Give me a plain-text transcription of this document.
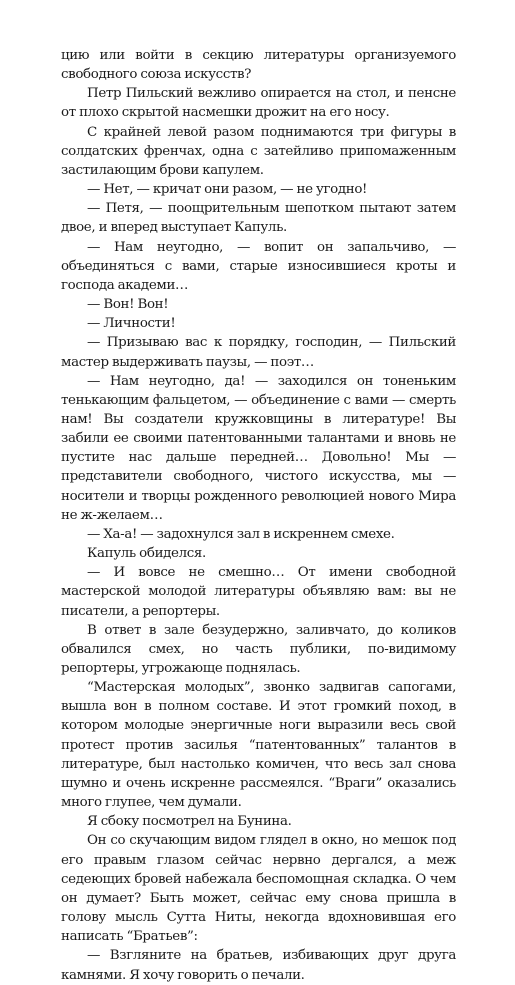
цию или войти в секцию литературы организуемого свободного союза искусств?

Петр Пильский вежливо опирается на стол, и пенсне от плохо скрытой насмешки дрожит на его носу.

С крайней левой разом поднимаются три фигуры в солдатских френчах, одна с затейливо припомаженным застилающим брови капулем.

— Нет, — кричат они разом, — не угодно!

— Петя, — поощрительным шепотком пытают затем двое, и вперед выступает Капуль.

— Нам неугодно, — вопит он запальчиво, — объединяться с вами, старые износившиеся кроты и господа академи…

— Вон! Вон!

— Личности!

— Призываю вас к порядку, господин, — Пильский мастер выдерживать паузы, — поэт…

— Нам неугодно, да! — заходился он тоненьким тенькающим фальцетом, — объединение с вами — смерть нам! Вы создатели кружковщины в литературе! Вы забили ее своими патентованными талантами и вновь не пустите нас дальше передней… Довольно! Мы — представители свободного, чистого искусства, мы — носители и творцы рожденного революцией нового Мира не ж-желаем…

— Ха-а! — задохнулся зал в искреннем смехе.

Капуль обиделся.

— И вовсе не смешно… От имени свободной мастерской молодой литературы объявляю вам: вы не писатели, а репортеры.

В ответ в зале безудержно, заливчато, до коликов обвалился смех, но часть публики, по-видимому репортеры, угрожающе поднялась.

“Мастерская молодых”, звонко задвигав сапогами, вышла вон в полном составе. И этот громкий поход, в котором молодые энергичные ноги выразили весь свой протест против засилья “патентованных” талантов в литературе, был настолько комичен, что весь зал снова шумно и очень искренне рассмеялся. “Враги” оказались много глупее, чем думали.

Я сбоку посмотрел на Бунина.

Он со скучающим видом глядел в окно, но мешок под его правым глазом сейчас нервно дергался, а меж седеющих бровей набежала беспомощная складка. О чем он думает? Быть может, сейчас ему снова пришла в голову мысль Сутта Ниты, некогда вдохновившая его написать “Братьев”:

— Взгляните на братьев, избивающих друг друга камнями. Я хочу говорить о печали.
